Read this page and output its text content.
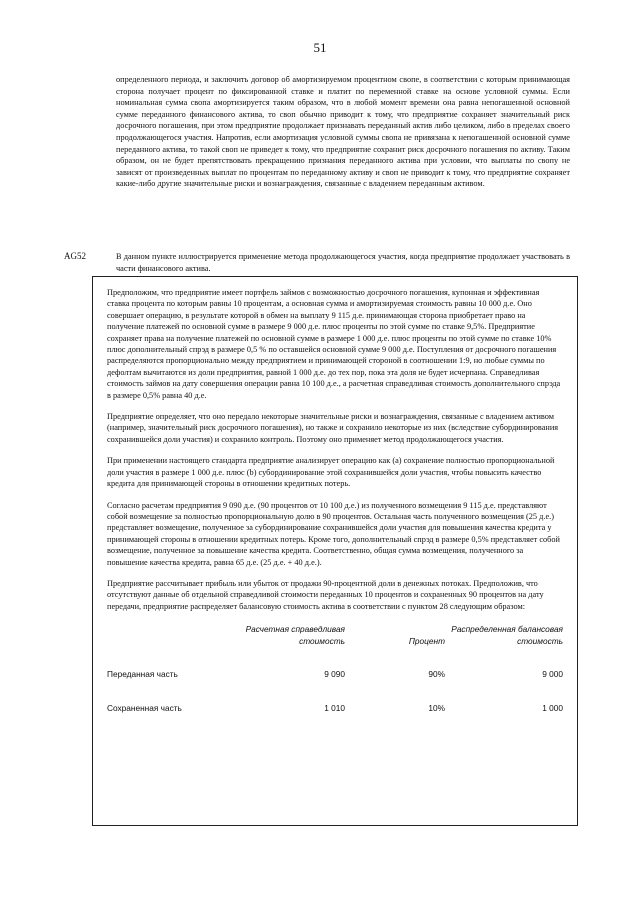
51
определенного периода, и заключить договор об амортизируемом процентном свопе, в соответствии с которым принимающая сторона получает процент по фиксированной ставке и платит по переменной ставке на основе условной суммы. Если номинальная сумма свопа амортизируется таким образом, что в любой момент времени она равна непогашенной основной сумме переданного финансового актива, то своп обычно приводит к тому, что предприятие сохраняет значительный риск досрочного погашения, при этом предприятие продолжает признавать переданный актив либо целиком, либо в пределах своего продолжающегося участия. Напротив, если амортизация условной суммы свопа не привязана к непогашенной основной сумме переданного актива, то такой своп не приведет к тому, что предприятие сохранит риск досрочного погашения по активу. Таким образом, он не будет препятствовать прекращению признания переданного актива при условии, что выплаты по свопу не зависят от произведенных выплат по процентам по переданному активу и своп не приводит к тому, что предприятие сохраняет какие-либо другие значительные риски и вознаграждения, связанные с владением переданным активом.
AG52	В данном пункте иллюстрируется применение метода продолжающегося участия, когда предприятие продолжает участвовать в части финансового актива.

Предположим, что предприятие имеет портфель займов с возможностью досрочного погашения, купонная и эффективная ставка процента по которым равны 10 процентам, а основная сумма и амортизируемая стоимость равны 10 000 д.е. Оно совершает операцию, в результате которой в обмен на выплату 9 115 д.е. принимающая сторона приобретает право на получение платежей по основной сумме в размере 9 000 д.е. плюс проценты по этой сумме по ставке 9,5%. Предприятие сохраняет права на получение платежей по основной сумме в размере 1 000 д.е. плюс проценты по этой сумме по ставке 10% плюс дополнительный спрэд в размере 0,5 % по оставшейся основной сумме 9 000 д.е. Поступления от досрочного погашения распределяются пропорционально между предприятием и принимающей стороной в соотношении 1:9, но любые суммы по дефолтам вычитаются из доли предприятия, равной 1 000 д.е. до тех пор, пока эта доля не будет исчерпана. Справедливая стоимость займов на дату совершения операции равна 10 100 д.е., а расчетная справедливая стоимость дополнительного спрэда в размере 0,5% равна 40 д.е.

Предприятие определяет, что оно передало некоторые значительные риски и вознаграждения, связанные с владением активом (например, значительный риск досрочного погашения), но также и сохранило некоторые из них (вследствие субординирования сохранившейся доли участия) и сохранило контроль. Поэтому оно применяет метод продолжающегося участия.

При применении настоящего стандарта предприятие анализирует операцию как (а) сохранение полностью пропорциональной доли участия в размере 1 000 д.е. плюс (b) субординирование этой сохранившейся доли участия, чтобы повысить качество кредита для принимающей стороны в отношении кредитных потерь.

Согласно расчетам предприятия 9 090 д.е. (90 процентов от 10 100 д.е.) из полученного возмещения 9 115 д.е. представляют собой возмещение за полностью пропорциональную долю в 90 процентов. Остальная часть полученного возмещения (25 д.е.) представляет возмещение, полученное за субординирование сохранившейся доли участия для повышения качества кредита у принимающей стороны в отношении кредитных потерь. Кроме того, дополнительный спрэд в размере 0,5% представляет собой возмещение, полученное за повышение качества кредита. Соответственно, общая сумма возмещения, полученного за повышение качества кредита, равна 65 д.е. (25 д.е. + 40 д.е.).

Предприятие рассчитывает прибыль или убыток от продажи 90-процентной доли в денежных потоках. Предположив, что отсутствуют данные об отдельной справедливой стоимости переданных 10 процентов и сохраненных 90 процентов на дату передачи, предприятие распределяет балансовую стоимость актива в соответствии с пунктом 28 следующим образом:

	Расчетная справедливая стоимость	Процент	Распределенная балансовая стоимость
Переданная часть	9 090	90%	9 000
Сохраненная часть	1 010	10%	1 000
